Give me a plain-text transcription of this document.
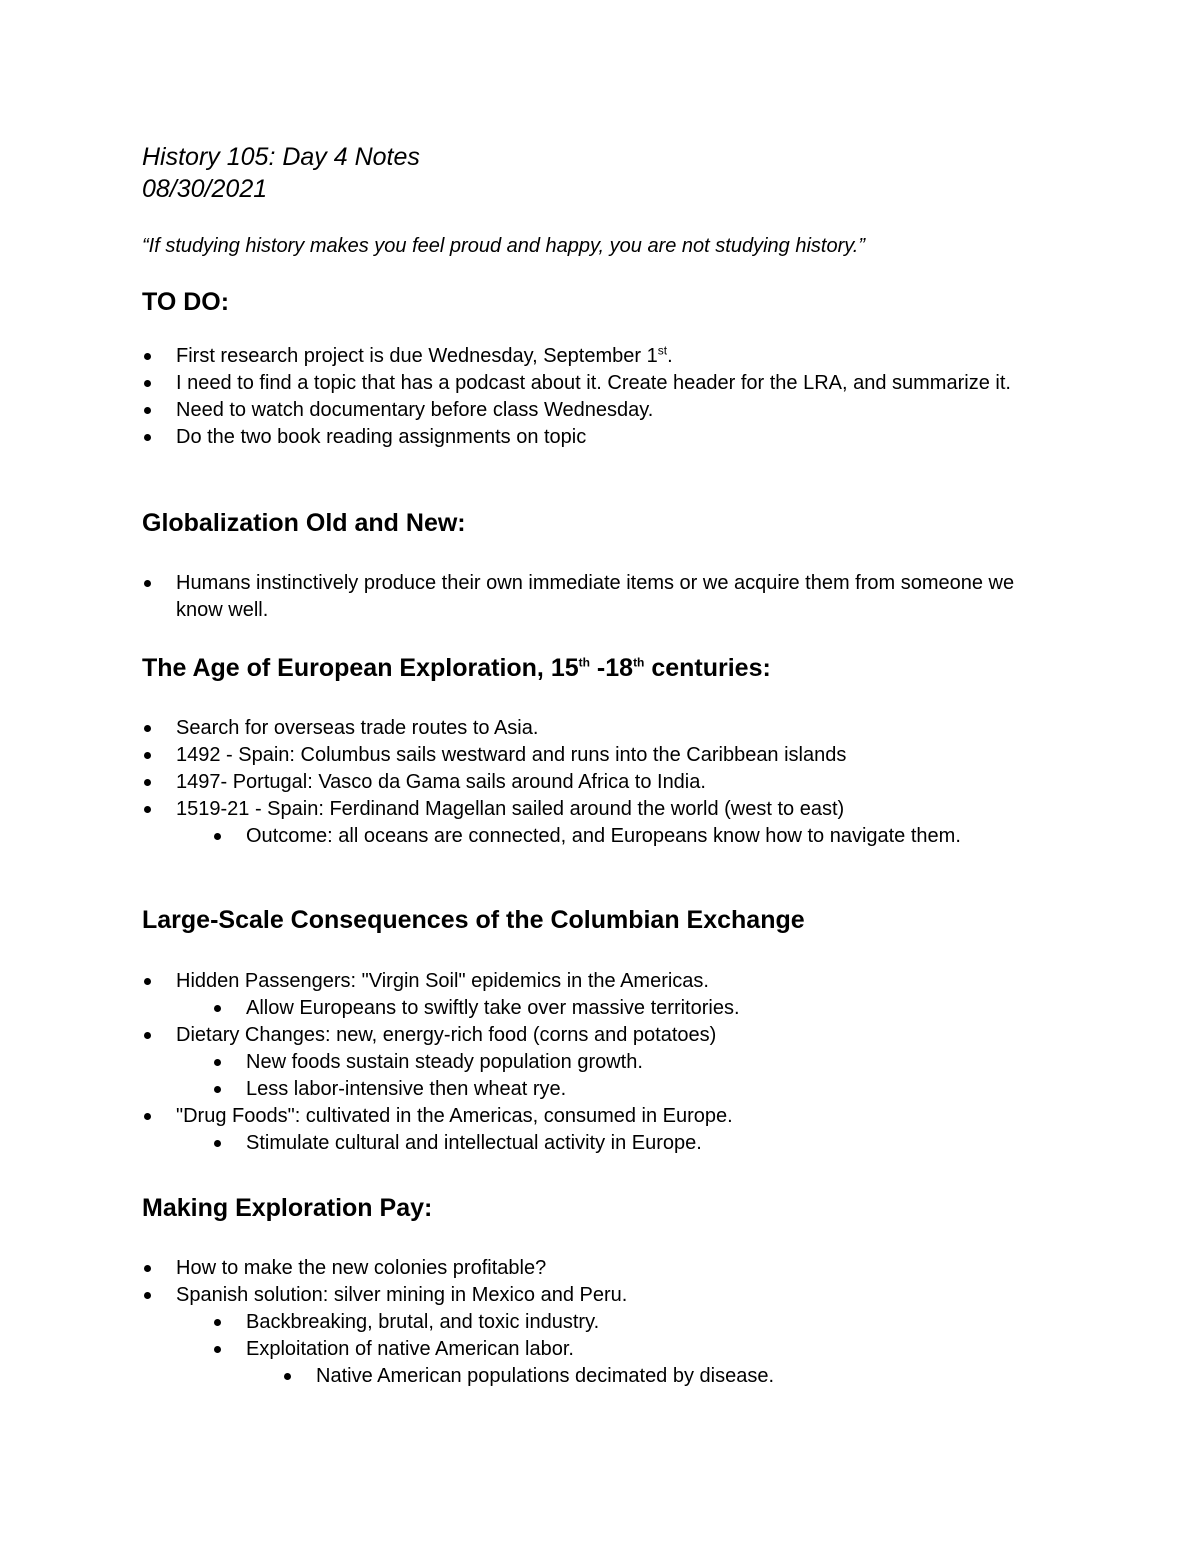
History 105: Day 4 Notes

08/30/2021

“If studying history makes you feel proud and happy, you are not studying history.”

TO DO:

First research project is due Wednesday, September 1st.
I need to find a topic that has a podcast about it. Create header for the LRA, and summarize it.
Need to watch documentary before class Wednesday.
Do the two book reading assignments on topic

Globalization Old and New:

Humans instinctively produce their own immediate items or we acquire them from someone we know well.

The Age of European Exploration, 15th -18th centuries:

Search for overseas trade routes to Asia.
1492 - Spain: Columbus sails westward and runs into the Caribbean islands
1497- Portugal: Vasco da Gama sails around Africa to India.
1519-21 - Spain: Ferdinand Magellan sailed around the world (west to east)
Outcome: all oceans are connected, and Europeans know how to navigate them.

Large-Scale Consequences of the Columbian Exchange

Hidden Passengers: "Virgin Soil" epidemics in the Americas.
Allow Europeans to swiftly take over massive territories.
Dietary Changes: new, energy-rich food (corns and potatoes)
New foods sustain steady population growth.
Less labor-intensive then wheat rye.
"Drug Foods": cultivated in the Americas, consumed in Europe.
Stimulate cultural and intellectual activity in Europe.

Making Exploration Pay:

How to make the new colonies profitable?
Spanish solution: silver mining in Mexico and Peru.
Backbreaking, brutal, and toxic industry.
Exploitation of native American labor.
Native American populations decimated by disease.
